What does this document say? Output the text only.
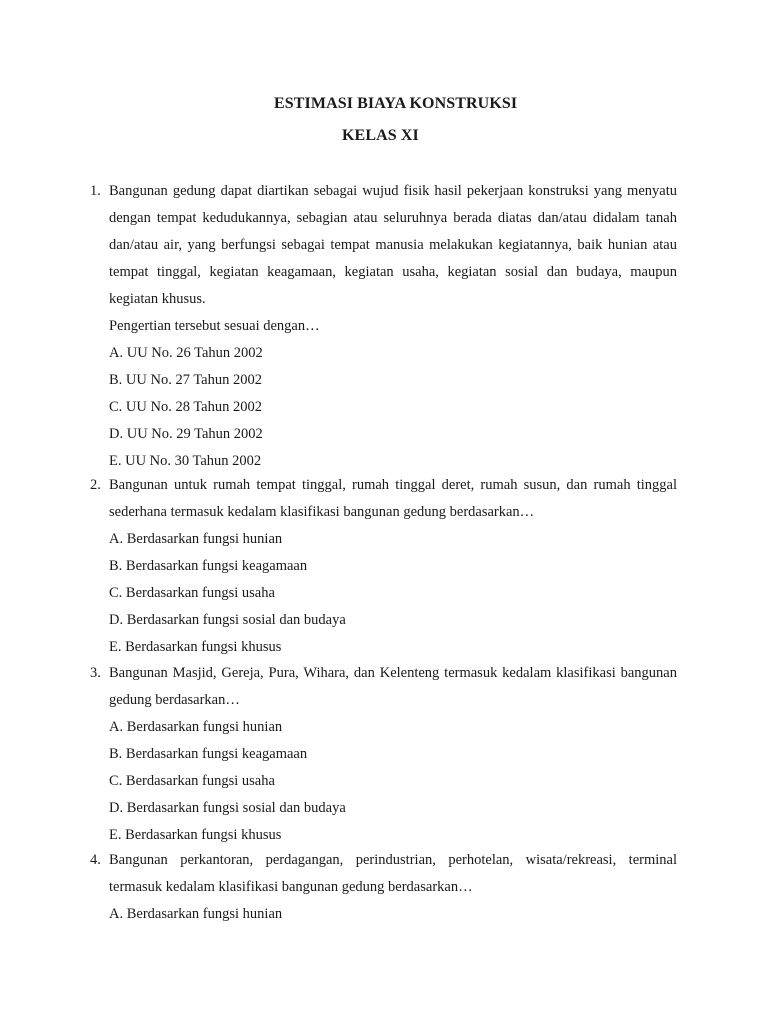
ESTIMASI BIAYA KONSTRUKSI
KELAS XI
1. Bangunan gedung dapat diartikan sebagai wujud fisik hasil pekerjaan konstruksi yang menyatu dengan tempat kedudukannya, sebagian atau seluruhnya berada diatas dan/atau didalam tanah dan/atau air, yang berfungsi sebagai tempat manusia melakukan kegiatannya, baik hunian atau tempat tinggal, kegiatan keagamaan, kegiatan usaha, kegiatan sosial dan budaya, maupun kegiatan khusus.
Pengertian tersebut sesuai dengan…
A. UU No. 26 Tahun 2002
B. UU No. 27 Tahun 2002
C. UU No. 28 Tahun 2002
D. UU No. 29 Tahun 2002
E. UU No. 30 Tahun 2002
2. Bangunan untuk rumah tempat tinggal, rumah tinggal deret, rumah susun, dan rumah tinggal sederhana termasuk kedalam klasifikasi bangunan gedung berdasarkan…
A. Berdasarkan fungsi hunian
B. Berdasarkan fungsi keagamaan
C. Berdasarkan fungsi usaha
D. Berdasarkan fungsi sosial dan budaya
E. Berdasarkan fungsi khusus
3. Bangunan Masjid, Gereja, Pura, Wihara, dan Kelenteng termasuk kedalam klasifikasi bangunan gedung berdasarkan…
A. Berdasarkan fungsi hunian
B. Berdasarkan fungsi keagamaan
C. Berdasarkan fungsi usaha
D. Berdasarkan fungsi sosial dan budaya
E. Berdasarkan fungsi khusus
4. Bangunan perkantoran, perdagangan, perindustrian, perhotelan, wisata/rekreasi, terminal termasuk kedalam klasifikasi bangunan gedung berdasarkan…
A. Berdasarkan fungsi hunian
